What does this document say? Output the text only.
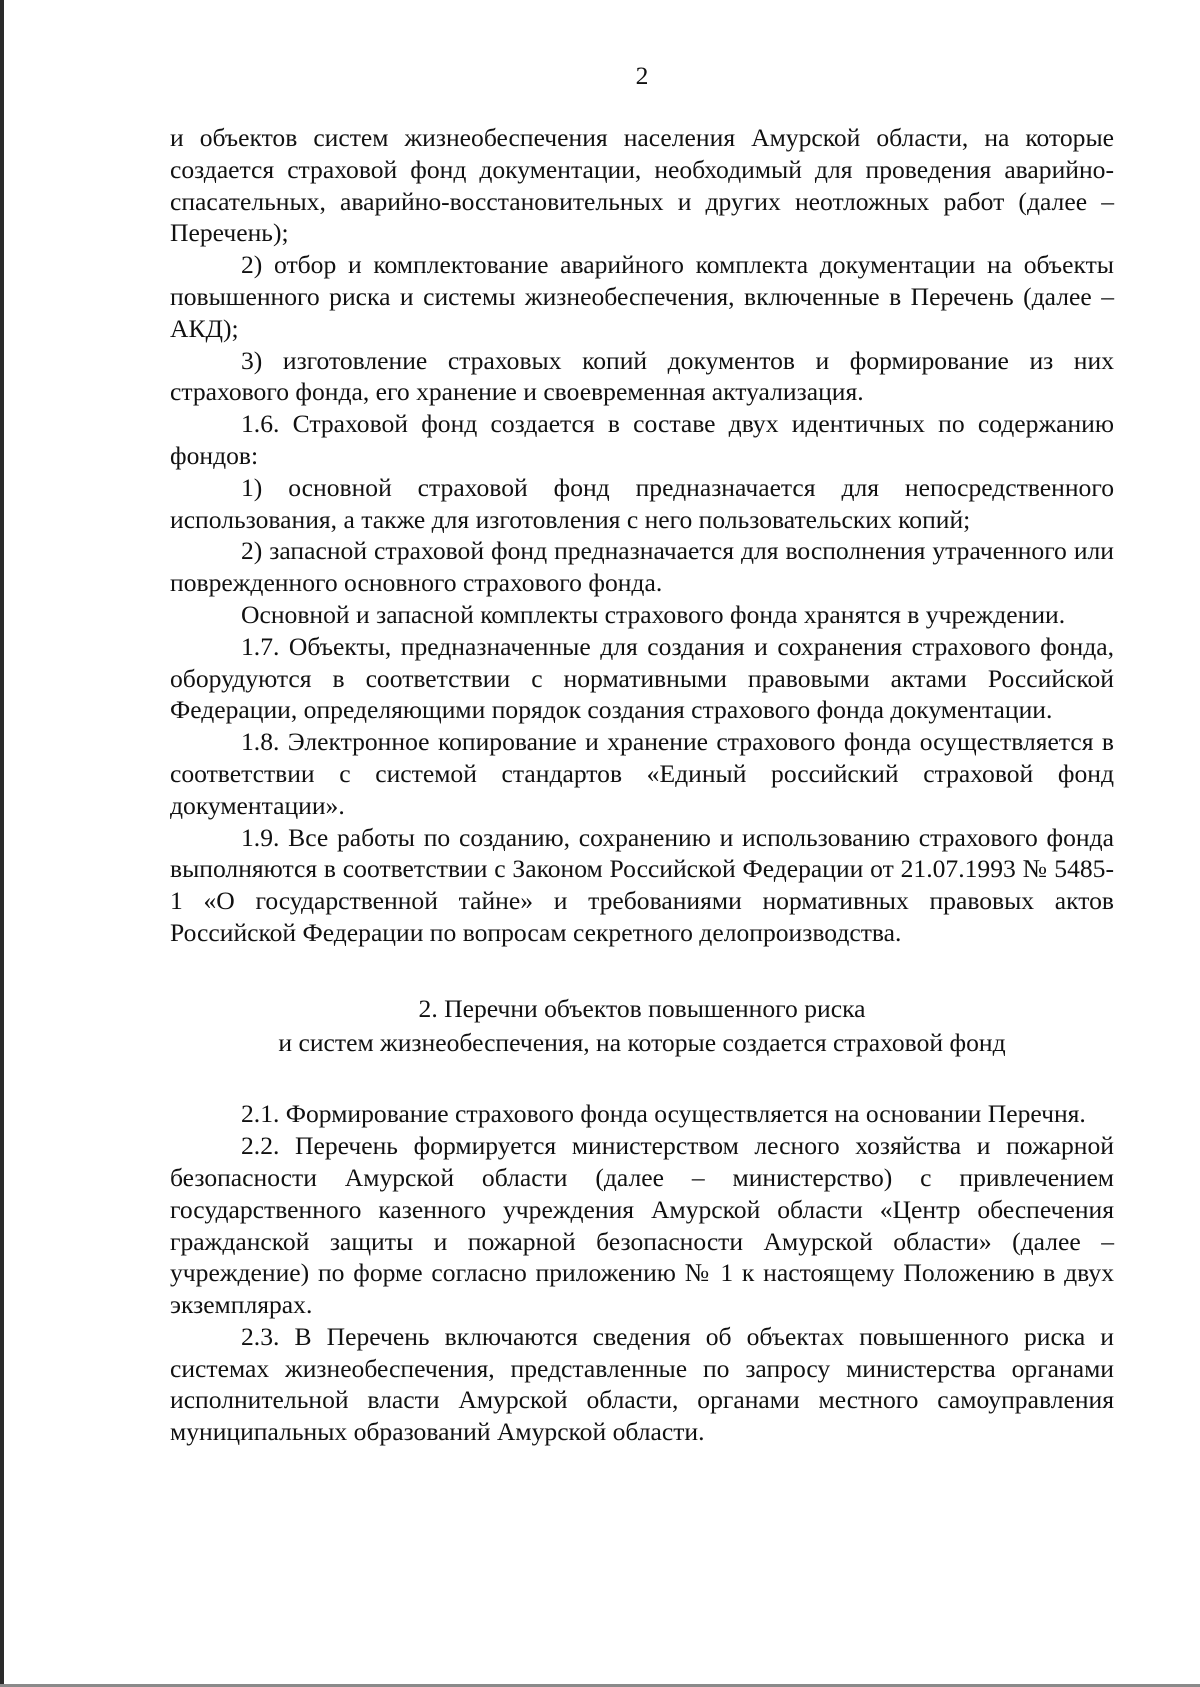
2

и объектов систем жизнеобеспечения населения Амурской области, на которые создается страховой фонд документации, необходимый для проведения аварийно-спасательных, аварийно-восстановительных и других неотложных работ (далее – Перечень);

2) отбор и комплектование аварийного комплекта документации на объекты повышенного риска и системы жизнеобеспечения, включенные в Перечень (далее – АКД);

3) изготовление страховых копий документов и формирование из них страхового фонда, его хранение и своевременная актуализация.

1.6. Страховой фонд создается в составе двух идентичных по содержанию фондов:

1) основной страховой фонд предназначается для непосредственного использования, а также для изготовления с него пользовательских копий;

2) запасной страховой фонд предназначается для восполнения утраченного или поврежденного основного страхового фонда.

Основной и запасной комплекты страхового фонда хранятся в учреждении.

1.7. Объекты, предназначенные для создания и сохранения страхового фонда, оборудуются в соответствии с нормативными правовыми актами Российской Федерации, определяющими порядок создания страхового фонда документации.

1.8. Электронное копирование и хранение страхового фонда осуществляется в соответствии с системой стандартов «Единый российский страховой фонд документации».

1.9. Все работы по созданию, сохранению и использованию страхового фонда выполняются в соответствии с Законом Российской Федерации от 21.07.1993 № 5485-1 «О государственной тайне» и требованиями нормативных правовых актов Российской Федерации по вопросам секретного делопроизводства.

2. Перечни объектов повышенного риска
и систем жизнеобеспечения, на которые создается страховой фонд

2.1. Формирование страхового фонда осуществляется на основании Перечня.

2.2. Перечень формируется министерством лесного хозяйства и пожарной безопасности Амурской области (далее – министерство) с привлечением государственного казенного учреждения Амурской области «Центр обеспечения гражданской защиты и пожарной безопасности Амурской области» (далее – учреждение) по форме согласно приложению № 1 к настоящему Положению в двух экземплярах.

2.3. В Перечень включаются сведения об объектах повышенного риска и системах жизнеобеспечения, представленные по запросу министерства органами исполнительной власти Амурской области, органами местного самоуправления муниципальных образований Амурской области.
